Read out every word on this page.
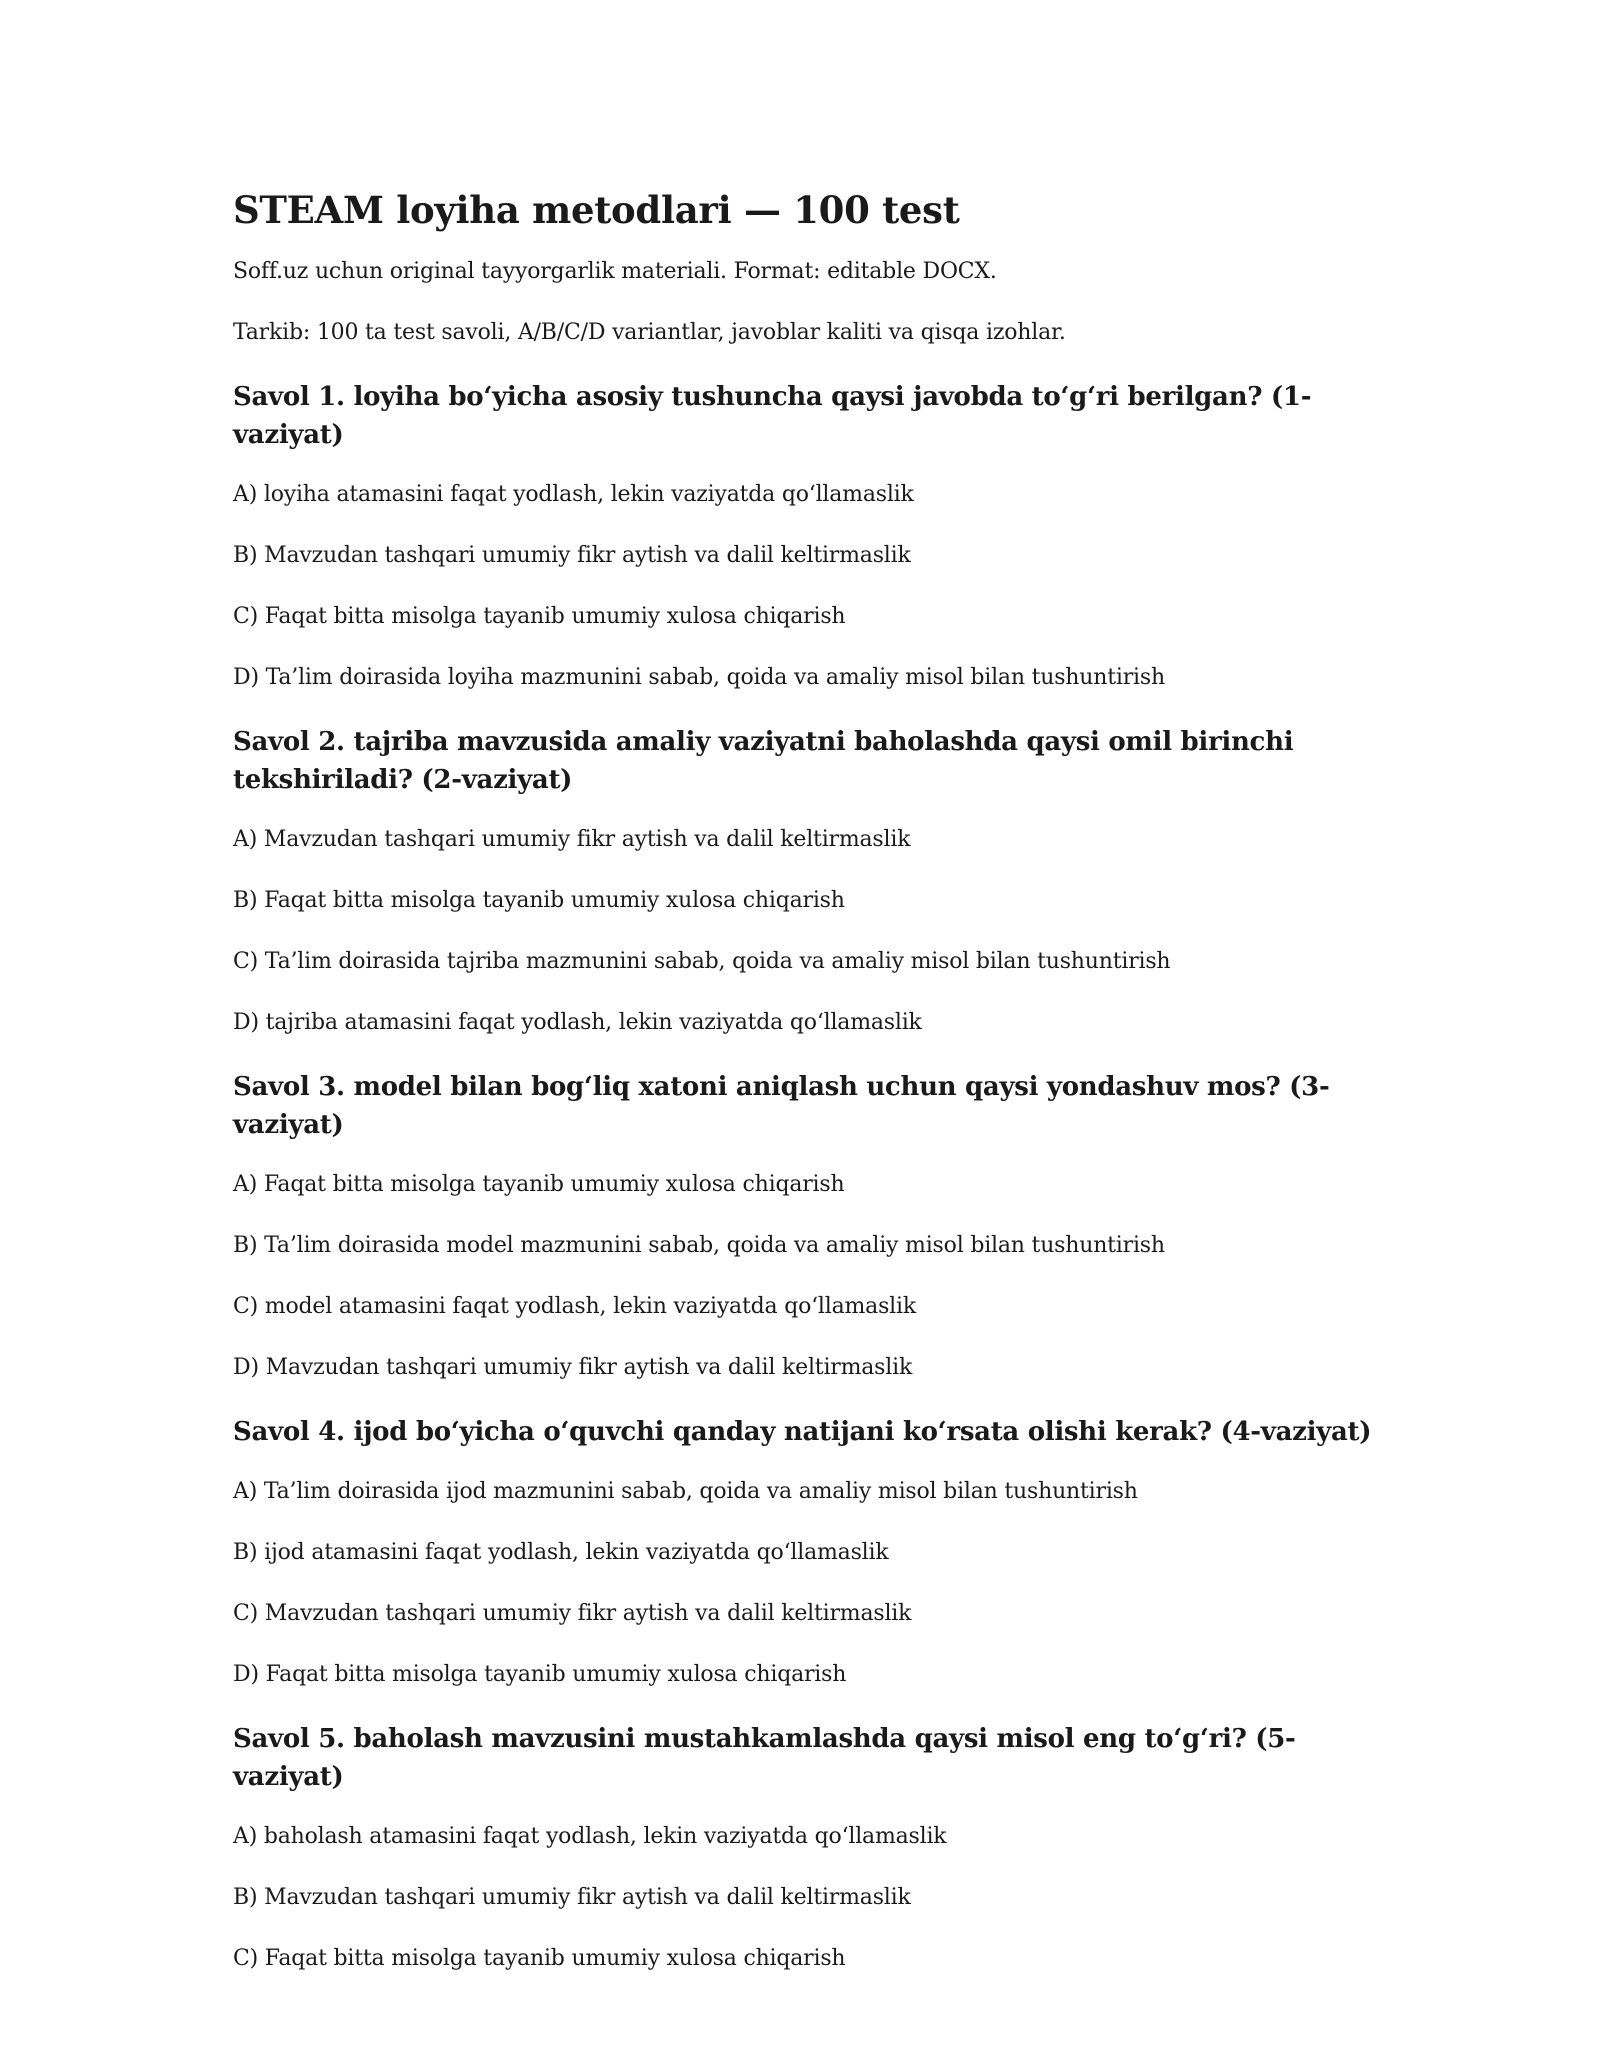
STEAM loyiha metodlari — 100 test

Soff.uz uchun original tayyorgarlik materiali. Format: editable DOCX.

Tarkib: 100 ta test savoli, A/B/C/D variantlar, javoblar kaliti va qisqa izohlar.

Savol 1. loyiha bo‘yicha asosiy tushuncha qaysi javobda to‘g‘ri berilgan? (1-vaziyat)

A) loyiha atamasini faqat yodlash, lekin vaziyatda qo‘llamaslik

B) Mavzudan tashqari umumiy fikr aytish va dalil keltirmaslik

C) Faqat bitta misolga tayanib umumiy xulosa chiqarish

D) Ta’lim doirasida loyiha mazmunini sabab, qoida va amaliy misol bilan tushuntirish

Savol 2. tajriba mavzusida amaliy vaziyatni baholashda qaysi omil birinchi tekshiriladi? (2-vaziyat)

A) Mavzudan tashqari umumiy fikr aytish va dalil keltirmaslik

B) Faqat bitta misolga tayanib umumiy xulosa chiqarish

C) Ta’lim doirasida tajriba mazmunini sabab, qoida va amaliy misol bilan tushuntirish

D) tajriba atamasini faqat yodlash, lekin vaziyatda qo‘llamaslik

Savol 3. model bilan bog‘liq xatoni aniqlash uchun qaysi yondashuv mos? (3-vaziyat)

A) Faqat bitta misolga tayanib umumiy xulosa chiqarish

B) Ta’lim doirasida model mazmunini sabab, qoida va amaliy misol bilan tushuntirish

C) model atamasini faqat yodlash, lekin vaziyatda qo‘llamaslik

D) Mavzudan tashqari umumiy fikr aytish va dalil keltirmaslik

Savol 4. ijod bo‘yicha o‘quvchi qanday natijani ko‘rsata olishi kerak? (4-vaziyat)

A) Ta’lim doirasida ijod mazmunini sabab, qoida va amaliy misol bilan tushuntirish

B) ijod atamasini faqat yodlash, lekin vaziyatda qo‘llamaslik

C) Mavzudan tashqari umumiy fikr aytish va dalil keltirmaslik

D) Faqat bitta misolga tayanib umumiy xulosa chiqarish

Savol 5. baholash mavzusini mustahkamlashda qaysi misol eng to‘g‘ri? (5-vaziyat)

A) baholash atamasini faqat yodlash, lekin vaziyatda qo‘llamaslik

B) Mavzudan tashqari umumiy fikr aytish va dalil keltirmaslik

C) Faqat bitta misolga tayanib umumiy xulosa chiqarish
